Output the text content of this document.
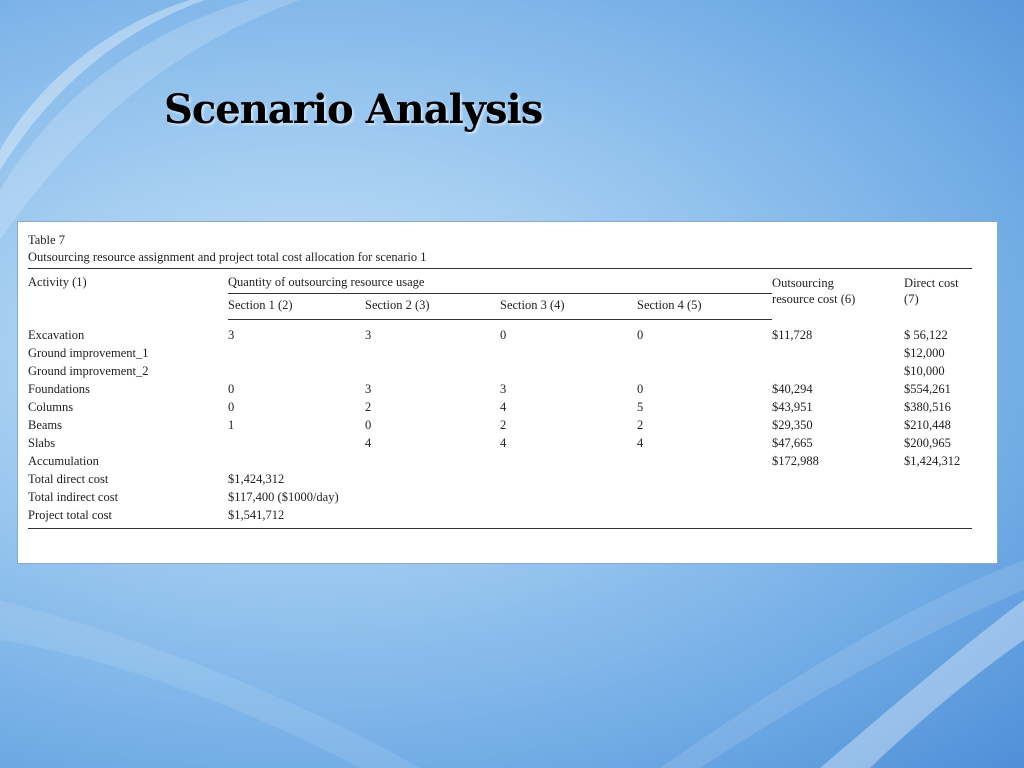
Scenario Analysis
Table 7
Outsourcing resource assignment and project total cost allocation for scenario 1
Activity (1)	Quantity of outsourcing resource usage				Outsourcing resource cost (6)	Direct cost (7)
	Section 1 (2)	Section 2 (3)	Section 3 (4)	Section 4 (5)		
Excavation	3	3	0	0	$11,728	$ 56,122
Ground improvement_1						$12,000
Ground improvement_2						$10,000
Foundations	0	3	3	0	$40,294	$554,261
Columns	0	2	4	5	$43,951	$380,516
Beams	1	0	2	2	$29,350	$210,448
Slabs		4	4	4	$47,665	$200,965
Accumulation					$172,988	$1,424,312
Total direct cost	$1,424,312					
Total indirect cost	$117,400 ($1000/day)					
Project total cost	$1,541,712					
